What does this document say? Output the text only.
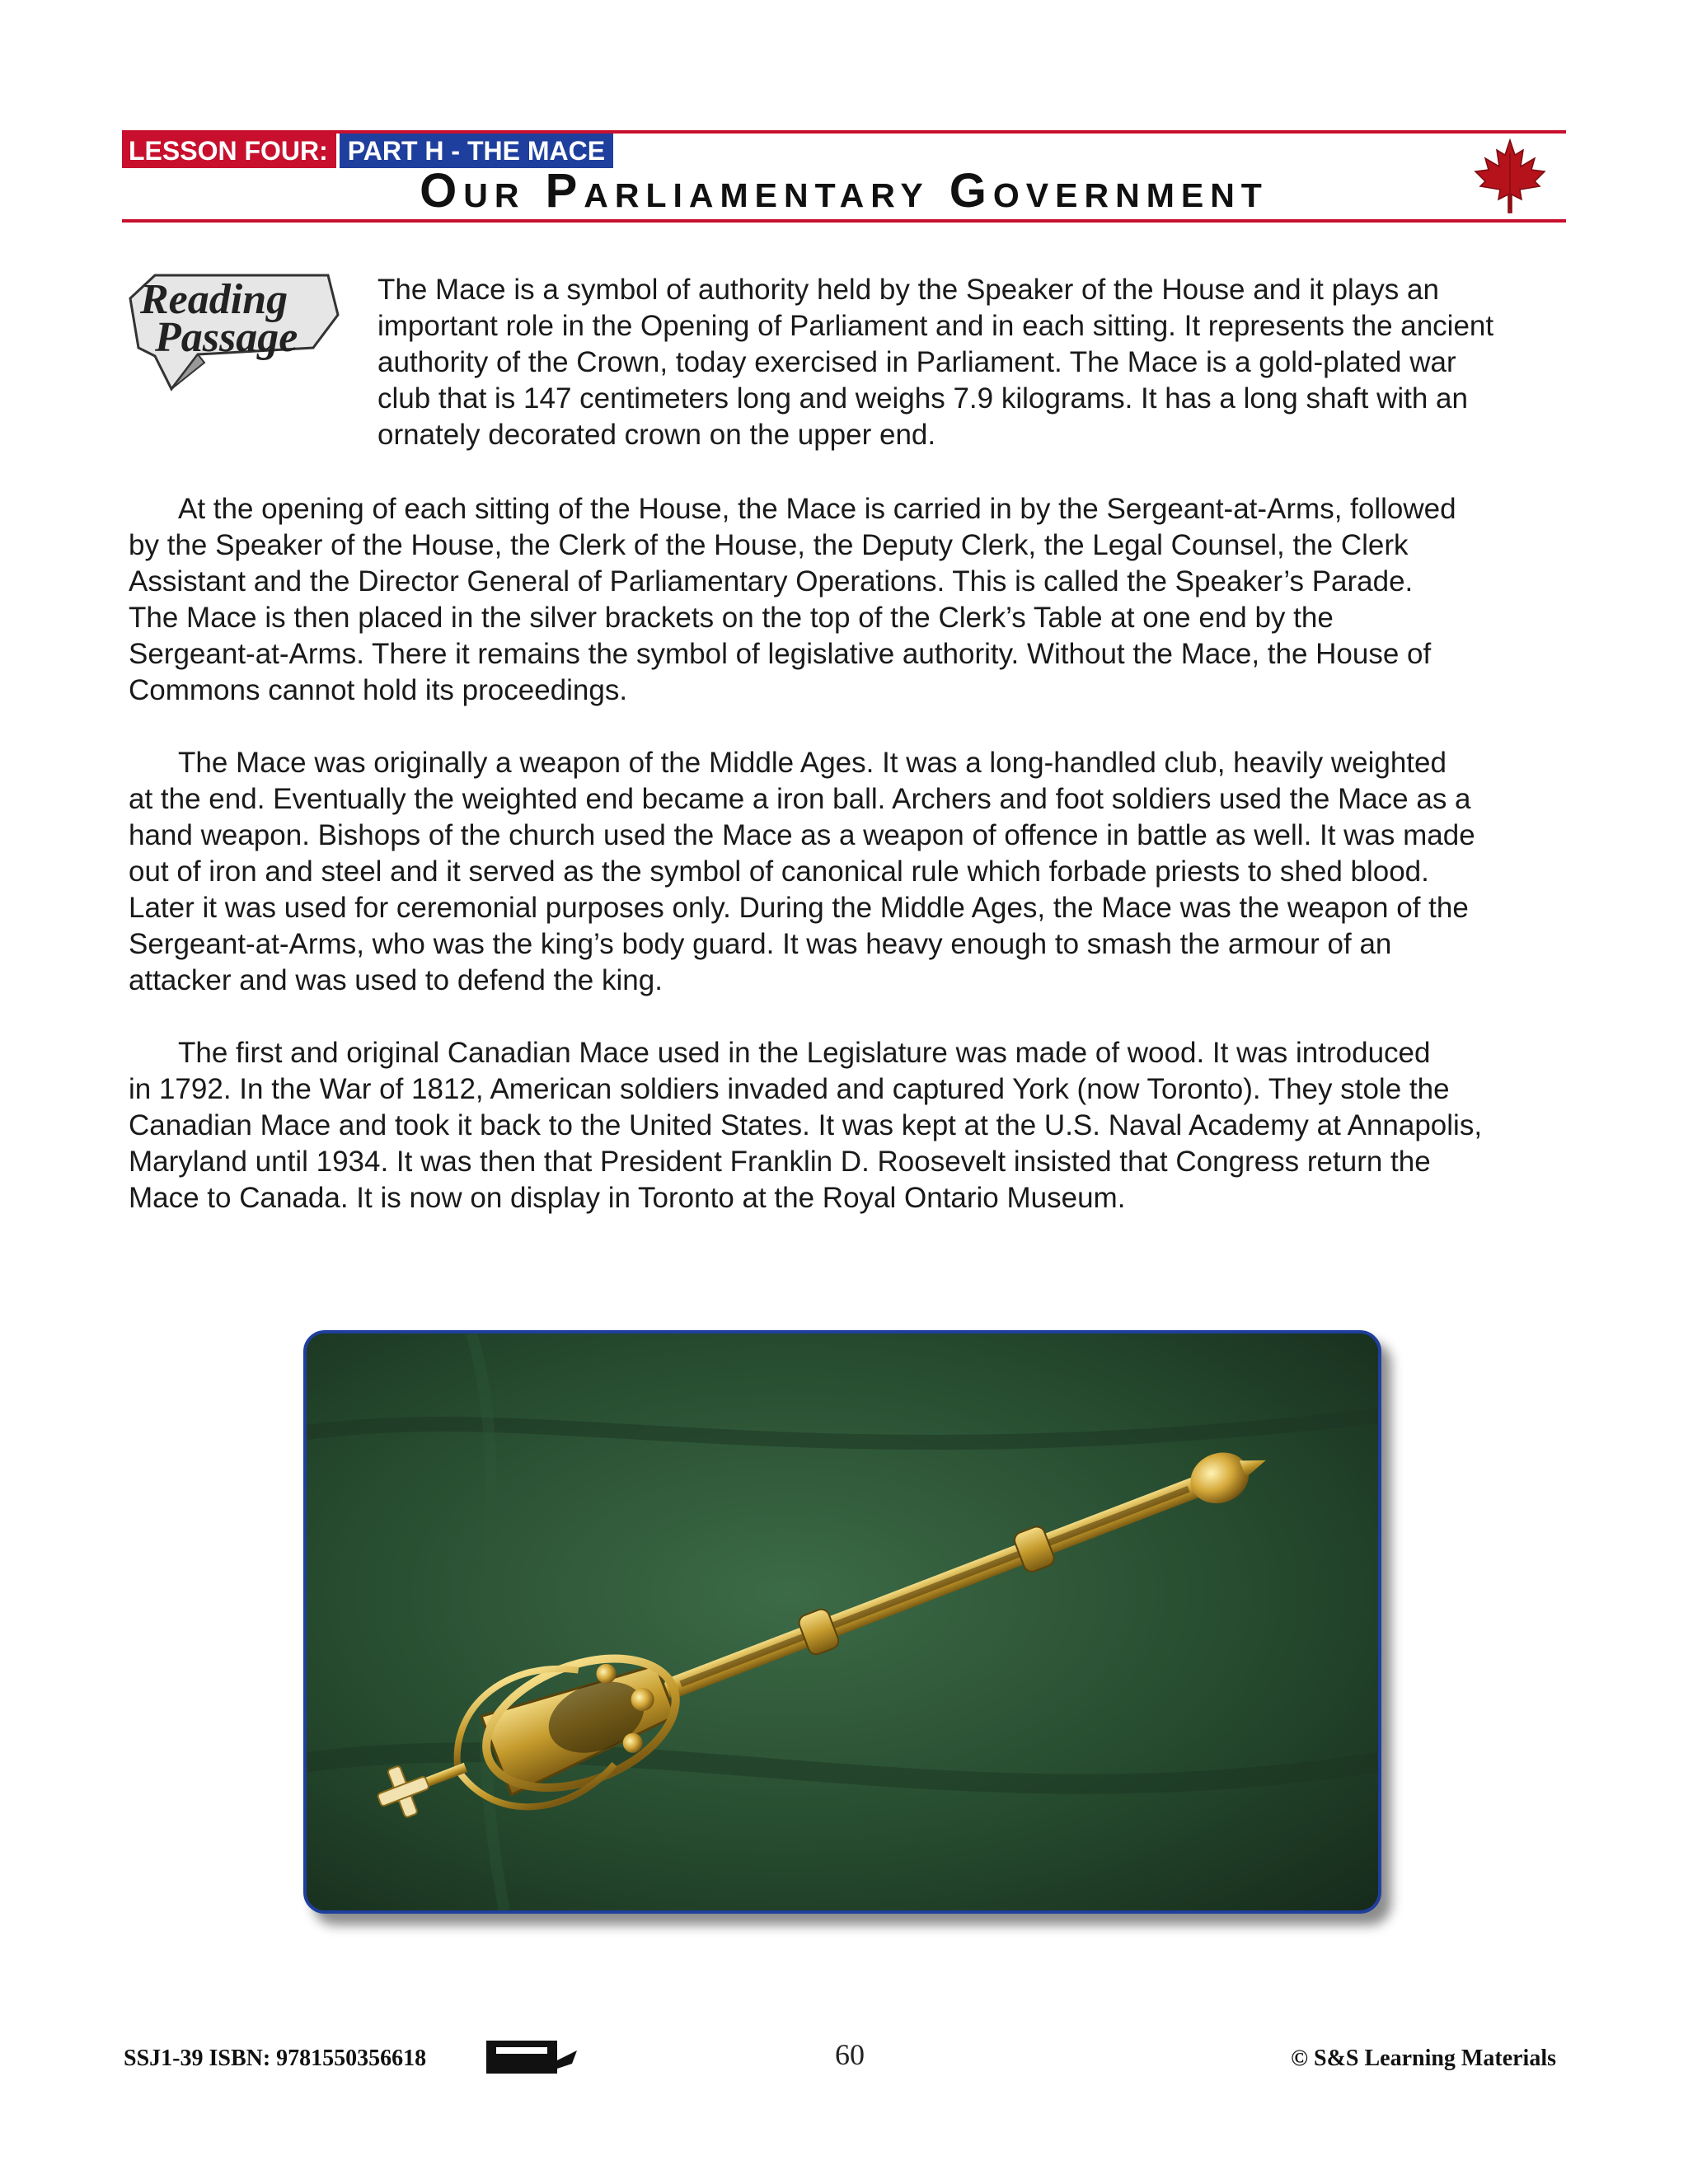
LESSON FOUR: PART H - THE MACE
Our Parliamentary Government
Reading
Passage
The Mace is a symbol of authority held by the Speaker of the House and it plays an
important role in the Opening of Parliament and in each sitting. It represents the ancient
authority of the Crown, today exercised in Parliament. The Mace is a gold-plated war
club that is 147 centimeters long and weighs 7.9 kilograms. It has a long shaft with an
ornately decorated crown on the upper end.
At the opening of each sitting of the House, the Mace is carried in by the Sergeant-at-Arms, followed
by the Speaker of the House, the Clerk of the House, the Deputy Clerk, the Legal Counsel, the Clerk
Assistant and the Director General of Parliamentary Operations. This is called the Speaker’s Parade.
The Mace is then placed in the silver brackets on the top of the Clerk’s Table at one end by the
Sergeant-at-Arms. There it remains the symbol of legislative authority. Without the Mace, the House of
Commons cannot hold its proceedings.
The Mace was originally a weapon of the Middle Ages. It was a long-handled club, heavily weighted
at the end. Eventually the weighted end became a iron ball. Archers and foot soldiers used the Mace as a
hand weapon. Bishops of the church used the Mace as a weapon of offence in battle as well. It was made
out of iron and steel and it served as the symbol of canonical rule which forbade priests to shed blood.
Later it was used for ceremonial purposes only. During the Middle Ages, the Mace was the weapon of the
Sergeant-at-Arms, who was the king’s body guard. It was heavy enough to smash the armour of an
attacker and was used to defend the king.
The first and original Canadian Mace used in the Legislature was made of wood. It was introduced
in 1792. In the War of 1812, American soldiers invaded and captured York (now Toronto). They stole the
Canadian Mace and took it back to the United States. It was kept at the U.S. Naval Academy at Annapolis,
Maryland until 1934. It was then that President Franklin D. Roosevelt insisted that Congress return the
Mace to Canada. It is now on display in Toronto at the Royal Ontario Museum.
SSJ1-39 ISBN: 9781550356618	60	© S&S Learning Materials
